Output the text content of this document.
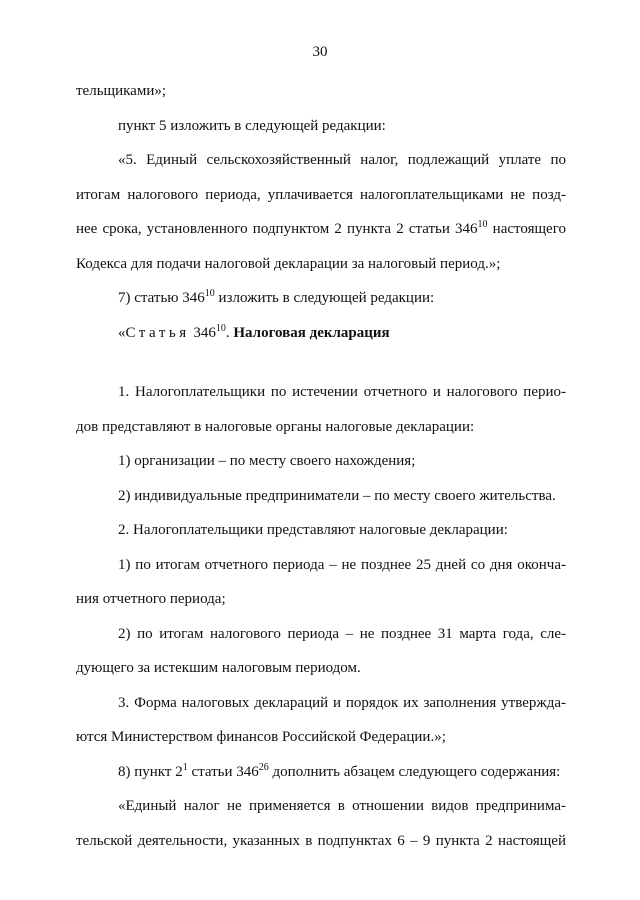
30
тельщиками»;
пункт 5 изложить в следующей редакции:
«5. Единый сельскохозяйственный налог, подлежащий уплате по
итогам налогового периода, уплачивается налогоплательщиками не позд-
нее срока, установленного подпунктом 2 пункта 2 статьи $346^{10}$ настоящего
Кодекса для подачи налоговой декларации за налоговый период.»;
7) статью $346^{10}$ изложить в следующей редакции:
«Статья $346^{10}$. Налоговая декларация
1. Налогоплательщики по истечении отчетного и налогового перио-
дов представляют в налоговые органы налоговые декларации:
1) организации – по месту своего нахождения;
2) индивидуальные предприниматели – по месту своего жительства.
2. Налогоплательщики представляют налоговые декларации:
1) по итогам отчетного периода – не позднее 25 дней со дня оконча-
ния отчетного периода;
2) по итогам налогового периода – не позднее 31 марта года, сле-
дующего за истекшим налоговым периодом.
3. Форма налоговых деклараций и порядок их заполнения утвержда-
ются Министерством финансов Российской Федерации.»;
8) пункт $2^1$ статьи $346^{26}$ дополнить абзацем следующего содержания:
«Единый налог не применяется в отношении видов предпринима-
тельской деятельности, указанных в подпунктах 6 – 9 пункта 2 настоящей
